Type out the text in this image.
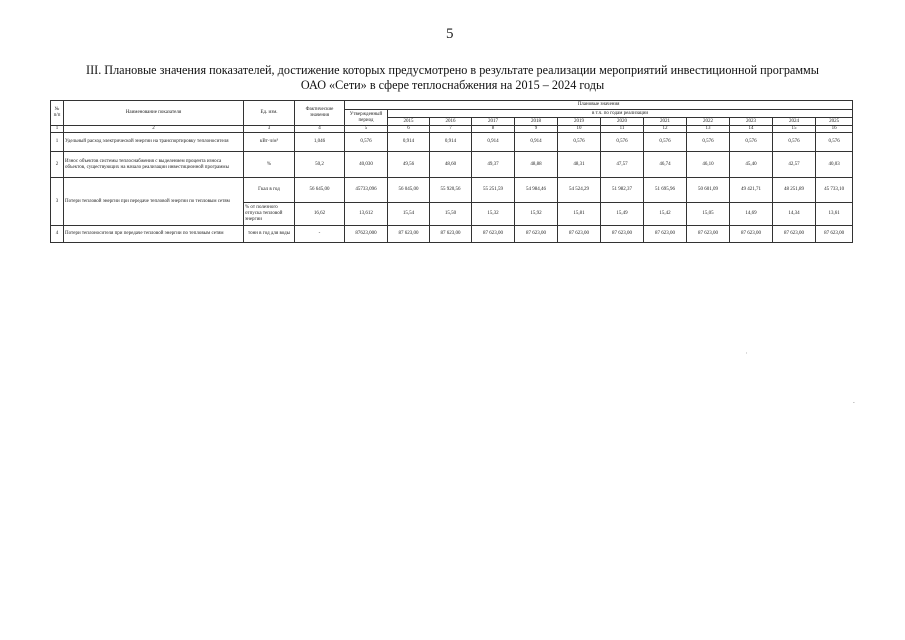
5
III. Плановые значения показателей, достижение которых предусмотрено в результате реализации мероприятий инвестиционной программы
ОАО «Сети» в сфере теплоснабжения на 2015 – 2024 годы
№ п/п	Наименование показателя	Ед. изм.	Фактические значения	Плановые значения											
				Утвержденный период	в т.ч. по годам реализации										
					2015	2016	2017	2018	2019	2020	2021	2022	2023	2024	2025
1	2	3	4	5	6	7	8	9	10	11	12	13	14	15	16
1	Удельный расход электрической энергии на транспортировку теплоносителя	кВт·ч/м³	1,046	0,576	0,914	0,914	0,914	0,914	0,576	0,576	0,576	0,576	0,576	0,576	0,576
2	Износ объектов системы теплоснабжения с выделением процента износа объектов, существующих на начало реализации инвестиционной программы	%	50,2	40,030	49,56	48,60	49,37	48,88	48,31	47,57	46,74	46,10	45,40	42,57	40,03
3	Потери тепловой энергии при передаче тепловой энергии по тепловым сетям	Гкал в год	56 645,00	45733,096	56 045,00	55 920,56	55 251,59	54 984,46	54 524,29	51 982,37	51 695,96	50 601,09	49 421,71	48 251,89	45 733,10
		% от полезного отпуска тепловой энергии	16,62	13,612	15,54	15,50	15,32	15,92	15,81	15,49	15,42	15,05	14,69	14,34	13,61
4	Потери теплоносителя при передаче тепловой энергии по тепловым сетям	тонн в год для воды	-	87623,000	87 623,00	87 623,00	87 623,00	87 623,00	87 623,00	87 623,00	87 623,00	87 623,00	87 623,00	87 623,00	87 623,00
'
-
